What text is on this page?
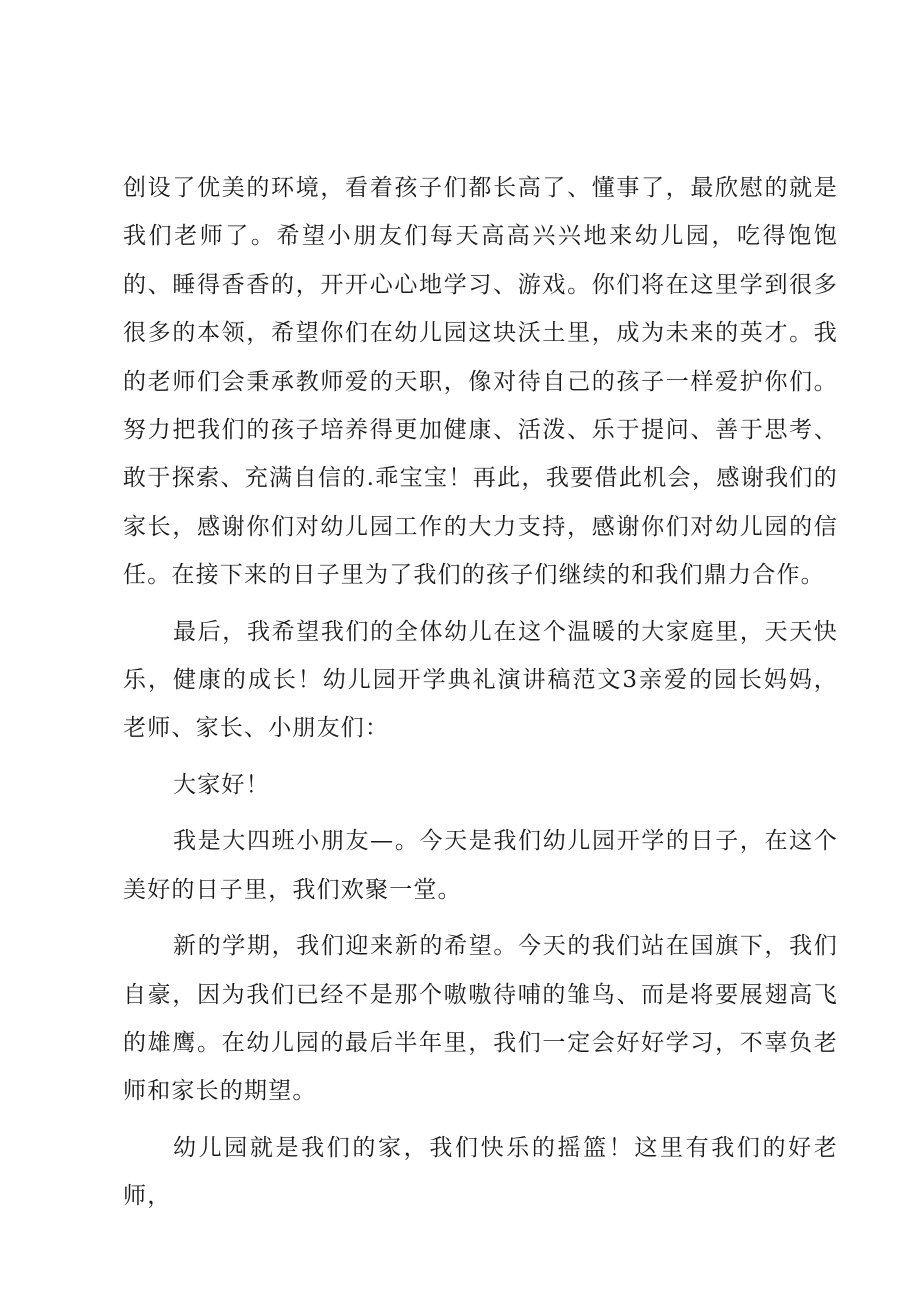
创设了优美的环境，看着孩子们都长高了、懂事了，最欣慰的就是我们老师了。希望小朋友们每天高高兴兴地来幼儿园，吃得饱饱的、睡得香香的，开开心心地学习、游戏。你们将在这里学到很多很多的本领，希望你们在幼儿园这块沃土里，成为未来的英才。我的老师们会秉承教师爱的天职，像对待自己的孩子一样爱护你们。努力把我们的孩子培养得更加健康、活泼、乐于提问、善于思考、敢于探索、充满自信的.乖宝宝！再此，我要借此机会，感谢我们的家长，感谢你们对幼儿园工作的大力支持，感谢你们对幼儿园的信任。在接下来的日子里为了我们的孩子们继续的和我们鼎力合作。

最后，我希望我们的全体幼儿在这个温暖的大家庭里，天天快乐，健康的成长！幼儿园开学典礼演讲稿范文3亲爱的园长妈妈，老师、家长、小朋友们：

大家好！

我是大四班小朋友—。今天是我们幼儿园开学的日子，在这个美好的日子里，我们欢聚一堂。

新的学期，我们迎来新的希望。今天的我们站在国旗下，我们自豪，因为我们已经不是那个嗷嗷待哺的雏鸟、而是将要展翅高飞的雄鹰。在幼儿园的最后半年里，我们一定会好好学习，不辜负老师和家长的期望。

幼儿园就是我们的家，我们快乐的摇篮！这里有我们的好老师，
